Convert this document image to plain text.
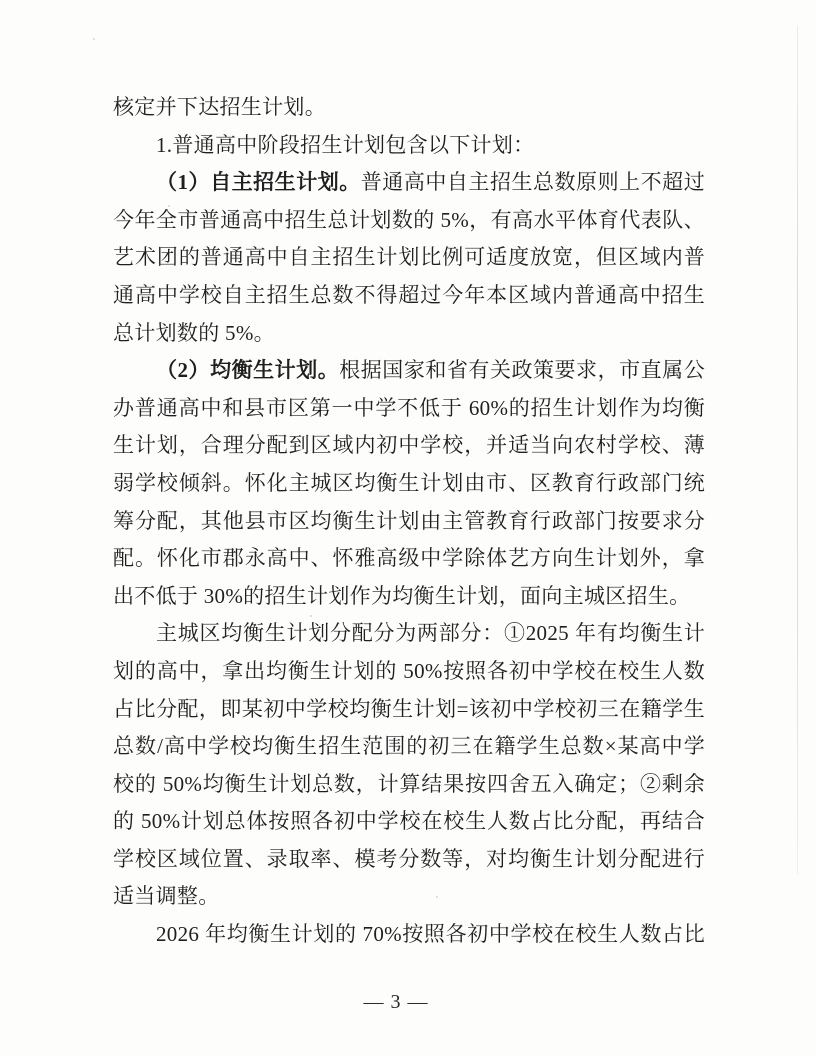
核定并下达招生计划。
1.普通高中阶段招生计划包含以下计划：
（1）自主招生计划。普通高中自主招生总数原则上不超过
今年全市普通高中招生总计划数的 5%，有高水平体育代表队、
艺术团的普通高中自主招生计划比例可适度放宽，但区域内普
通高中学校自主招生总数不得超过今年本区域内普通高中招生
总计划数的 5%。
（2）均衡生计划。根据国家和省有关政策要求，市直属公
办普通高中和县市区第一中学不低于 60%的招生计划作为均衡
生计划，合理分配到区域内初中学校，并适当向农村学校、薄
弱学校倾斜。怀化主城区均衡生计划由市、区教育行政部门统
筹分配，其他县市区均衡生计划由主管教育行政部门按要求分
配。怀化市郡永高中、怀雅高级中学除体艺方向生计划外，拿
出不低于 30%的招生计划作为均衡生计划，面向主城区招生。
主城区均衡生计划分配分为两部分：①2025 年有均衡生计
划的高中，拿出均衡生计划的 50%按照各初中学校在校生人数
占比分配，即某初中学校均衡生计划=该初中学校初三在籍学生
总数/高中学校均衡生招生范围的初三在籍学生总数×某高中学
校的 50%均衡生计划总数，计算结果按四舍五入确定；②剩余
的 50%计划总体按照各初中学校在校生人数占比分配，再结合
学校区域位置、录取率、模考分数等，对均衡生计划分配进行
适当调整。
2026 年均衡生计划的 70%按照各初中学校在校生人数占比
— 3 —
